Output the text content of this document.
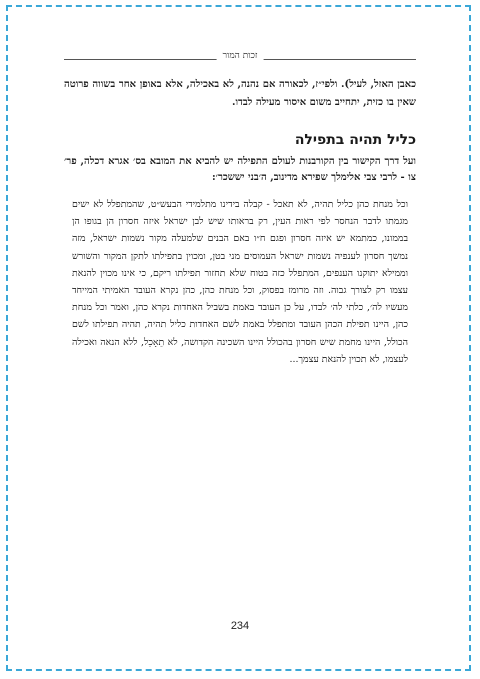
זכות המור

כאבן האזל, לעיל). ולפי״ז, לכאורה אם נהנה, לא באכילה, אלא באופן אחר בשווה פרוטה שאין בו כזית, יתחייב משום איסור מעילה לבדו.

כליל תהיה בתפילה

ועל דרך הקישור בין הקורבנות לעולם התפילה יש להביא את המובא בס׳ אגרא דכלה, פר׳ צו - לרבי צבי אלימלך שפירא מדינוב, ה׳בני יששכר׳:

וכל מנחת כהן כליל תהיה, לא תאכל - קבלה בידינו מתלמידי הבעש״ט, שהמתפלל לא ישים מגמתו לדבר הנחסר לפי ראות העין, רק בראותו שיש לבן ישראל איזה חסרון הן בגופו הן בממונו, כמתמא יש איזה חסרון ופגם ח״ו באם הבנים שלמעלה מקור נשמות ישראל, מזה נמשך חסרון לענפיה נשמות ישראל העמוסים מני בטן, ומכוין בתפילתו לתקן המקור והשורש וממילא יתוקנו הענפים, המתפלל כזה בטוח שלא תחזור תפילתו ריקם, כי אינו מכוין להנאת עצמו רק לצורך גבוה. וזה מרומז בפסוק, וכל מנחת כהן, כהן נקרא העובד האמיתי המייחד מעשיו לה׳, כלתי לה׳ לבדו, על כן העובד באמת בשביל האחדות נקרא כהן, ואמר וכל מנחת כהן, היינו תפילת הכהן העובד ומתפלל באמת לשם האחדות כליל תהיה, תהיה תפילתו לשם הכולל, היינו מחמת שיש חסרון בהכולל היינו השכינה הקדושה, לא תֵאָכֵל, ללא הנאה ואכילה לעצמו, לא תכוין להנאת עצמך...

234
